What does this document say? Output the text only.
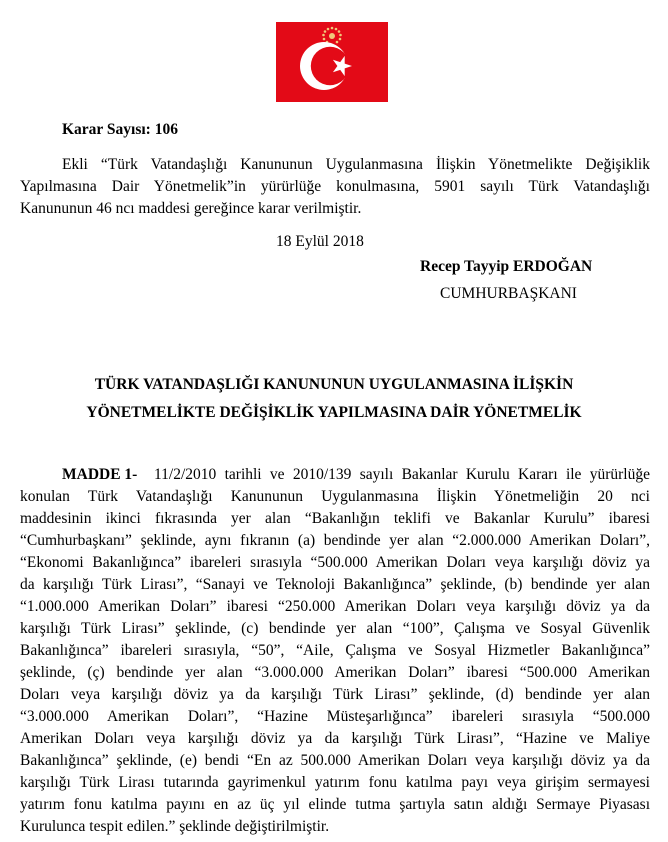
Karar Sayısı: 106
Ekli “Türk Vatandaşlığı Kanununun Uygulanmasına İlişkin Yönetmelikte Değişiklik
Yapılmasına Dair Yönetmelik”in yürürlüğe konulmasına, 5901 sayılı Türk Vatandaşlığı
Kanununun 46 ncı maddesi gereğince karar verilmiştir.
18 Eylül 2018
Recep Tayyip ERDOĞAN
CUMHURBAŞKANI
TÜRK VATANDAŞLIĞI KANUNUNUN UYGULANMASINA İLİŞKİN
YÖNETMELİKTE DEĞİŞİKLİK YAPILMASINA DAİR YÖNETMELİK
MADDE 1- 11/2/2010 tarihli ve 2010/139 sayılı Bakanlar Kurulu Kararı ile yürürlüğe
konulan Türk Vatandaşlığı Kanununun Uygulanmasına İlişkin Yönetmeliğin 20 nci
maddesinin ikinci fıkrasında yer alan “Bakanlığın teklifi ve Bakanlar Kurulu” ibaresi
“Cumhurbaşkanı” şeklinde, aynı fıkranın (a) bendinde yer alan “2.000.000 Amerikan Doları”,
“Ekonomi Bakanlığınca” ibareleri sırasıyla “500.000 Amerikan Doları veya karşılığı döviz ya
da karşılığı Türk Lirası”, “Sanayi ve Teknoloji Bakanlığınca” şeklinde, (b) bendinde yer alan
“1.000.000 Amerikan Doları” ibaresi “250.000 Amerikan Doları veya karşılığı döviz ya da
karşılığı Türk Lirası” şeklinde, (c) bendinde yer alan “100”, Çalışma ve Sosyal Güvenlik
Bakanlığınca” ibareleri sırasıyla, “50”, “Aile, Çalışma ve Sosyal Hizmetler Bakanlığınca”
şeklinde, (ç) bendinde yer alan “3.000.000 Amerikan Doları” ibaresi “500.000 Amerikan
Doları veya karşılığı döviz ya da karşılığı Türk Lirası” şeklinde, (d) bendinde yer alan
“3.000.000 Amerikan Doları”, “Hazine Müsteşarlığınca” ibareleri sırasıyla “500.000
Amerikan Doları veya karşılığı döviz ya da karşılığı Türk Lirası”, “Hazine ve Maliye
Bakanlığınca” şeklinde, (e) bendi “En az 500.000 Amerikan Doları veya karşılığı döviz ya da
karşılığı Türk Lirası tutarında gayrimenkul yatırım fonu katılma payı veya girişim sermayesi
yatırım fonu katılma payını en az üç yıl elinde tutma şartıyla satın aldığı Sermaye Piyasası
Kurulunca tespit edilen.” şeklinde değiştirilmiştir.
